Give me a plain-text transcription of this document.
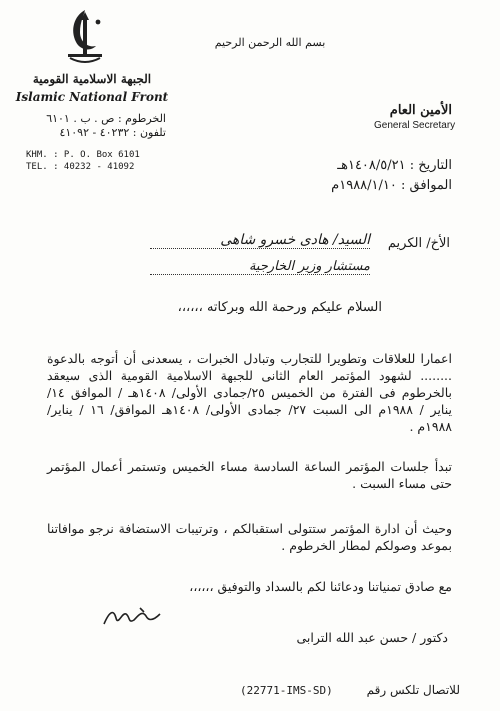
الجبهة الاسلامية القومية
Islamic National Front
الخرطوم : ص . ب . ٦١٠١
تلفون : ٤٠٢٣٢ - ٤١٠٩٢
KHM. : P. O. Box 6101
TEL. : 40232 - 41092
بسم الله الرحمن الرحيم
الأمين العام
General Secretary
التاريخ : ١٤٠٨/٥/٢١هـ
الموافق : ١٩٨٨/١/١٠م
الأخ/ الكريم
السيد/ هادى خسرو شاهى
مستشار وزير الخارجية
السلام عليكم ورحمة الله وبركاته ،،،،،،
اعمارا للعلاقات وتطويرا للتجارب وتبادل الخبرات ، يسعدنى أن أتوجه بالدعوة ........ لشهود المؤتمر العام الثانى للجبهة الاسلامية القومية الذى سيعقد بالخرطوم فى الفترة من الخميس ٢٥/جمادى الأولى/ ١٤٠٨هـ / الموافق ١٤/ يناير / ١٩٨٨م الى السبت ٢٧/ جمادى الأولى/ ١٤٠٨هـ الموافق/ ١٦ / يناير/ ١٩٨٨م .
تبدأ جلسات المؤتمر الساعة السادسة مساء الخميس وتستمر أعمال المؤتمر حتى مساء السبت .
وحيث أن ادارة المؤتمر ستتولى استقبالكم ، وترتيبات الاستضافة نرجو موافاتنا بموعد وصولكم لمطار الخرطوم .
مع صادق تمنياتنا ودعائنا لكم بالسداد والتوفيق ،،،،،،
دكتور / حسن عبد الله الترابى
للاتصال تلكس رقم
(22771-IMS-SD)
